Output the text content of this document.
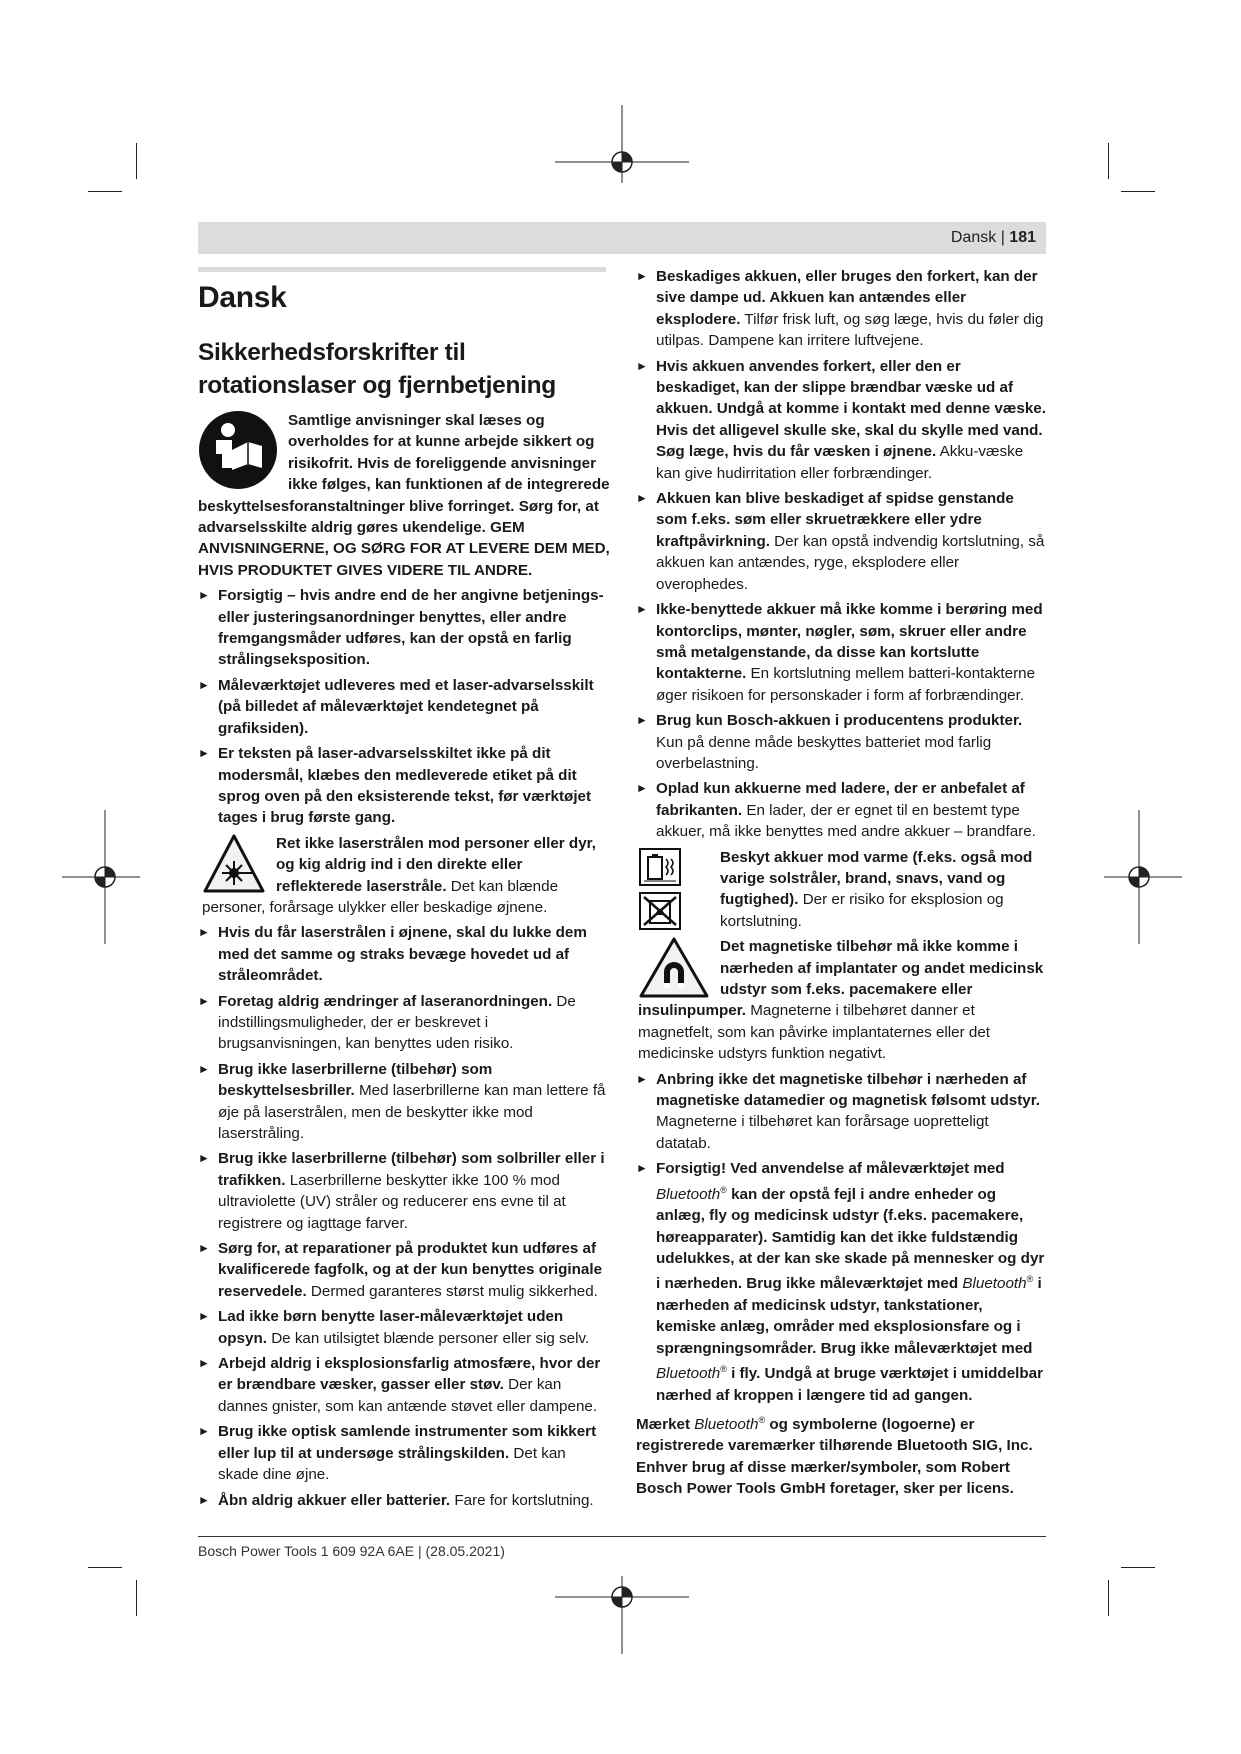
Dansk | 181
Dansk
Sikkerhedsforskrifter til rotationslaser og fjernbetjening

Samtlige anvisninger skal læses og overholdes for at kunne arbejde sikkert og risikofrit. Hvis de foreliggende anvisninger ikke følges, kan funktionen af de integrerede beskyttelsesforanstaltninger blive forringet. Sørg for, at advarselsskilte aldrig gøres ukendelige. GEM ANVISNINGERNE, OG SØRG FOR AT LEVERE DEM MED, HVIS PRODUKTET GIVES VIDERE TIL ANDRE.

► Forsigtig – hvis andre end de her angivne betjenings- eller justeringsanordninger benyttes, eller andre fremgangsmåder udføres, kan der opstå en farlig strålingseksposition.
► Måleværktøjet udleveres med et laser-advarselsskilt (på billedet af måleværktøjet kendetegnet på grafiksiden).
► Er teksten på laser-advarselsskiltet ikke på dit modersmål, klæbes den medleverede etiket på dit sprog oven på den eksisterende tekst, før værktøjet tages i brug første gang.

Ret ikke laserstrålen mod personer eller dyr, og kig aldrig ind i den direkte eller reflekterede laserstråle. Det kan blænde personer, forårsage ulykker eller beskadige øjnene.

► Hvis du får laserstrålen i øjnene, skal du lukke dem med det samme og straks bevæge hovedet ud af stråleområdet.
► Foretag aldrig ændringer af laseranordningen. De indstillingsmuligheder, der er beskrevet i brugsanvisningen, kan benyttes uden risiko.
► Brug ikke laserbrillerne (tilbehør) som beskyttelsesbriller. Med laserbrillerne kan man lettere få øje på laserstrålen, men de beskytter ikke mod laserstråling.
► Brug ikke laserbrillerne (tilbehør) som solbriller eller i trafikken. Laserbrillerne beskytter ikke 100 % mod ultraviolette (UV) stråler og reducerer ens evne til at registrere og iagttage farver.
► Sørg for, at reparationer på produktet kun udføres af kvalificerede fagfolk, og at der kun benyttes originale reservedele. Dermed garanteres størst mulig sikkerhed.
► Lad ikke børn benytte laser-måleværktøjet uden opsyn. De kan utilsigtet blænde personer eller sig selv.
► Arbejd aldrig i eksplosionsfarlig atmosfære, hvor der er brændbare væsker, gasser eller støv. Der kan dannes gnister, som kan antænde støvet eller dampene.
► Brug ikke optisk samlende instrumenter som kikkert eller lup til at undersøge strålingskilden. Det kan skade dine øjne.
► Åbn aldrig akkuer eller batterier. Fare for kortslutning.
► Beskadiges akkuen, eller bruges den forkert, kan der sive dampe ud. Akkuen kan antændes eller eksplodere. Tilfør frisk luft, og søg læge, hvis du føler dig utilpas. Dampene kan irritere luftvejene.
► Hvis akkuen anvendes forkert, eller den er beskadiget, kan der slippe brændbar væske ud af akkuen. Undgå at komme i kontakt med denne væske. Hvis det alligevel skulle ske, skal du skylle med vand. Søg læge, hvis du får væsken i øjnene. Akku-væske kan give hudirritation eller forbrændinger.
► Akkuen kan blive beskadiget af spidse genstande som f.eks. søm eller skruetrækkere eller ydre kraftpåvirkning. Der kan opstå indvendig kortslutning, så akkuen kan antændes, ryge, eksplodere eller overophedes.
► Ikke-benyttede akkuer må ikke komme i berøring med kontorclips, mønter, nøgler, søm, skruer eller andre små metalgenstande, da disse kan kortslutte kontakterne. En kortslutning mellem batteri-kontakterne øger risikoen for personskader i form af forbrændinger.
► Brug kun Bosch-akkuen i producentens produkter. Kun på denne måde beskyttes batteriet mod farlig overbelastning.
► Oplad kun akkuerne med ladere, der er anbefalet af fabrikanten. En lader, der er egnet til en bestemt type akkuer, må ikke benyttes med andre akkuer – brandfare.

Beskyt akkuer mod varme (f.eks. også mod varige solstråler, brand, snavs, vand og fugtighed). Der er risiko for eksplosion og kortslutning.

Det magnetiske tilbehør må ikke komme i nærheden af implantater og andet medicinsk udstyr som f.eks. pacemakere eller insulinpumper. Magneterne i tilbehøret danner et magnetfelt, som kan påvirke implantaternes eller det medicinske udstyrs funktion negativt.

► Anbring ikke det magnetiske tilbehør i nærheden af magnetiske datamedier og magnetisk følsomt udstyr. Magneterne i tilbehøret kan forårsage uopretteligt datatab.
► Forsigtig! Ved anvendelse af måleværktøjet med Bluetooth® kan der opstå fejl i andre enheder og anlæg, fly og medicinsk udstyr (f.eks. pacemakere, høreapparater). Samtidig kan det ikke fuldstændig udelukkes, at der kan ske skade på mennesker og dyr i nærheden. Brug ikke måleværktøjet med Bluetooth® i nærheden af medicinsk udstyr, tankstationer, kemiske anlæg, områder med eksplosionsfare og i sprængningsområder. Brug ikke måleværktøjet med Bluetooth® i fly. Undgå at bruge værktøjet i umiddelbar nærhed af kroppen i længere tid ad gangen.

Mærket Bluetooth® og symbolerne (logoerne) er registrerede varemærker tilhørende Bluetooth SIG, Inc. Enhver brug af disse mærker/symboler, som Robert Bosch Power Tools GmbH foretager, sker per licens.

Bosch Power Tools 1 609 92A 6AE | (28.05.2021)
